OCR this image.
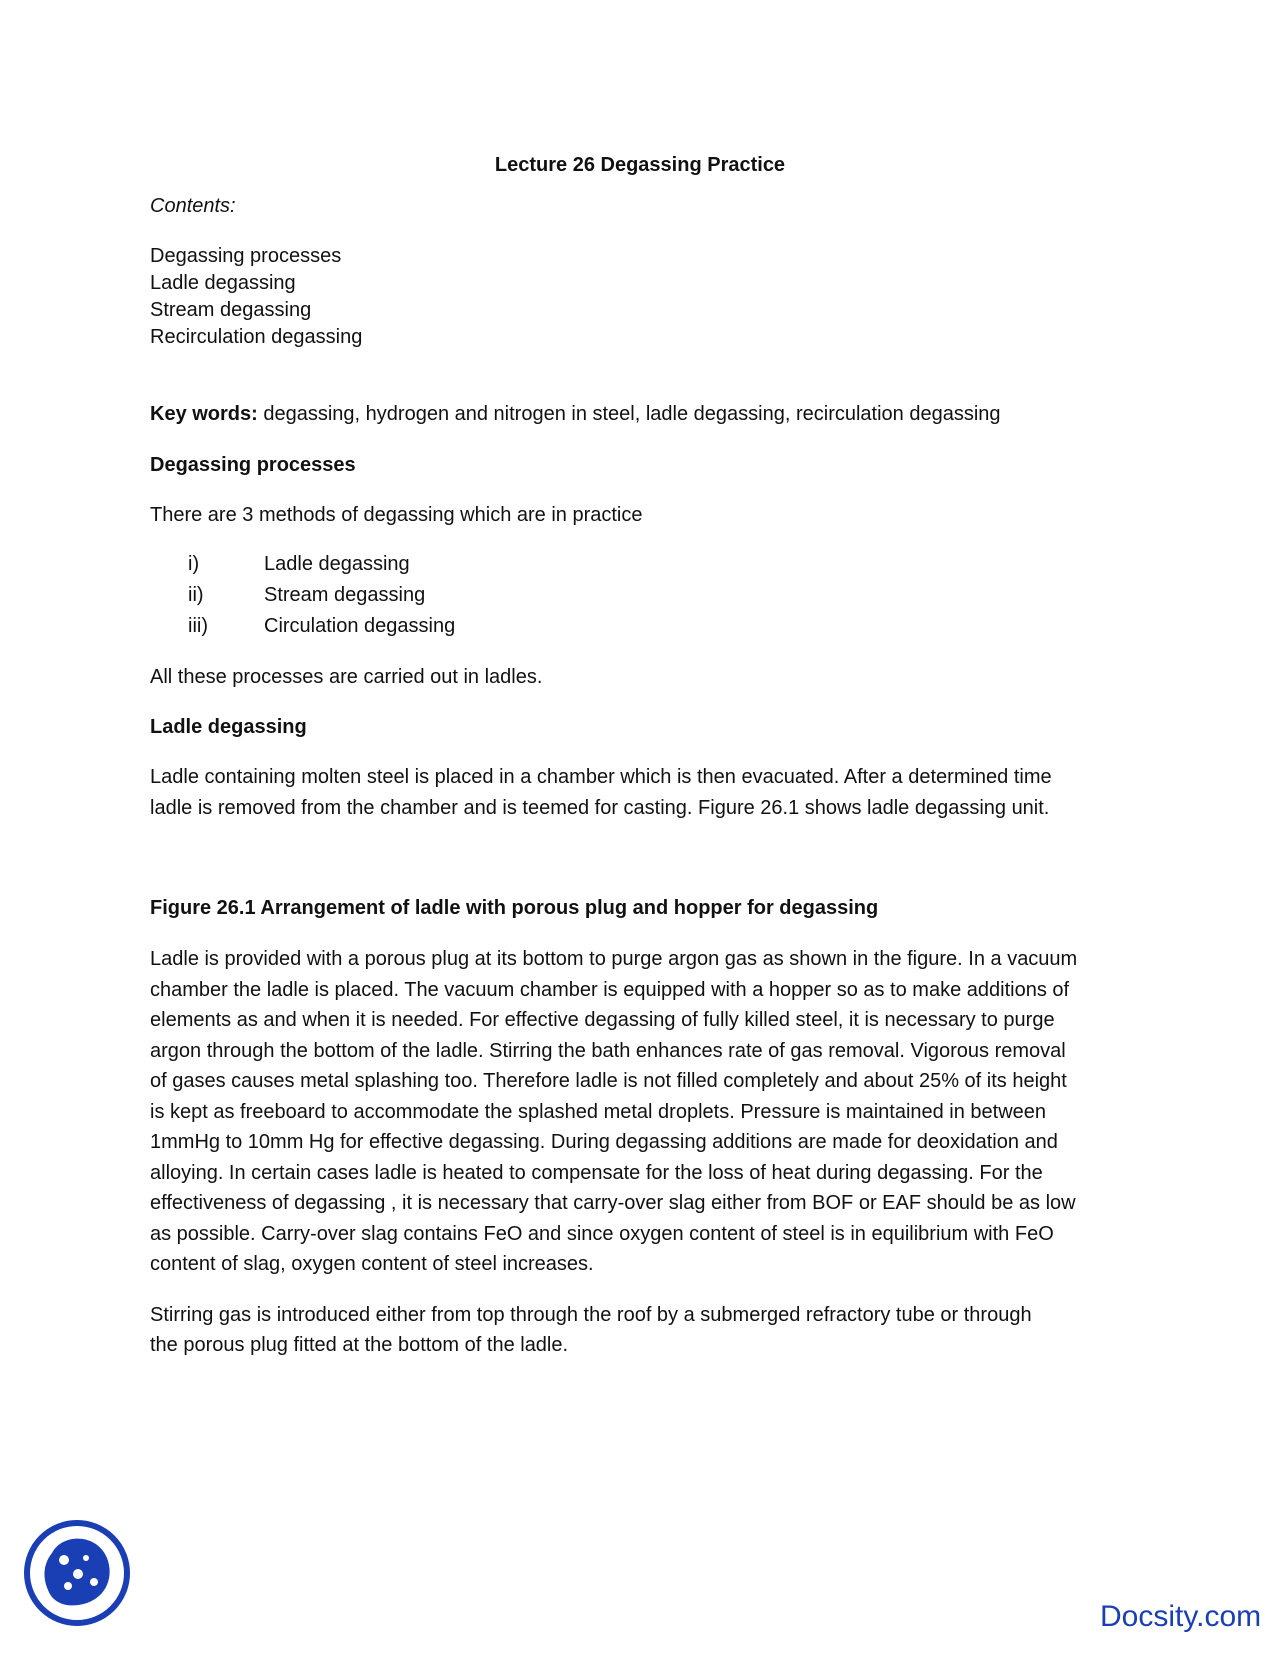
Lecture 26 Degassing Practice
Contents:
Degassing processes
Ladle degassing
Stream degassing
Recirculation degassing
Key words: degassing, hydrogen and nitrogen in steel, ladle degassing, recirculation degassing
Degassing processes
There are 3 methods of degassing which are in practice
i)	Ladle degassing
ii)	Stream degassing
iii)	Circulation degassing
All these processes are carried out in ladles.
Ladle degassing
Ladle containing molten steel is placed in a chamber which is then evacuated. After a determined time
ladle is removed from the chamber and is teemed for casting. Figure 26.1 shows ladle degassing unit.
Figure 26.1 Arrangement of ladle with porous plug and hopper for degassing
Ladle is provided with a porous plug at its bottom to purge argon gas as shown in the figure. In a vacuum
chamber the ladle is placed. The vacuum chamber is equipped with a hopper so as to make additions of
elements as and when it is needed. For effective degassing of fully killed steel, it is necessary to purge
argon through the bottom of the ladle. Stirring the bath enhances rate of gas removal. Vigorous removal
of gases causes metal splashing too. Therefore ladle is not filled completely and about 25% of its height
is kept as freeboard to accommodate the splashed metal droplets. Pressure is maintained in between
1mmHg to 10mm Hg for effective degassing. During degassing additions are made for deoxidation and
alloying. In certain cases ladle is heated to compensate for the loss of heat during degassing. For the
effectiveness of degassing , it is necessary that carry-over slag either from BOF or EAF should be as low
as possible. Carry-over slag contains FeO and since oxygen content of steel is in equilibrium with FeO
content of slag, oxygen content of steel increases.
Stirring gas is introduced either from top through the roof by a submerged refractory tube or through
the porous plug fitted at the bottom of the ladle.
Docsity.com
